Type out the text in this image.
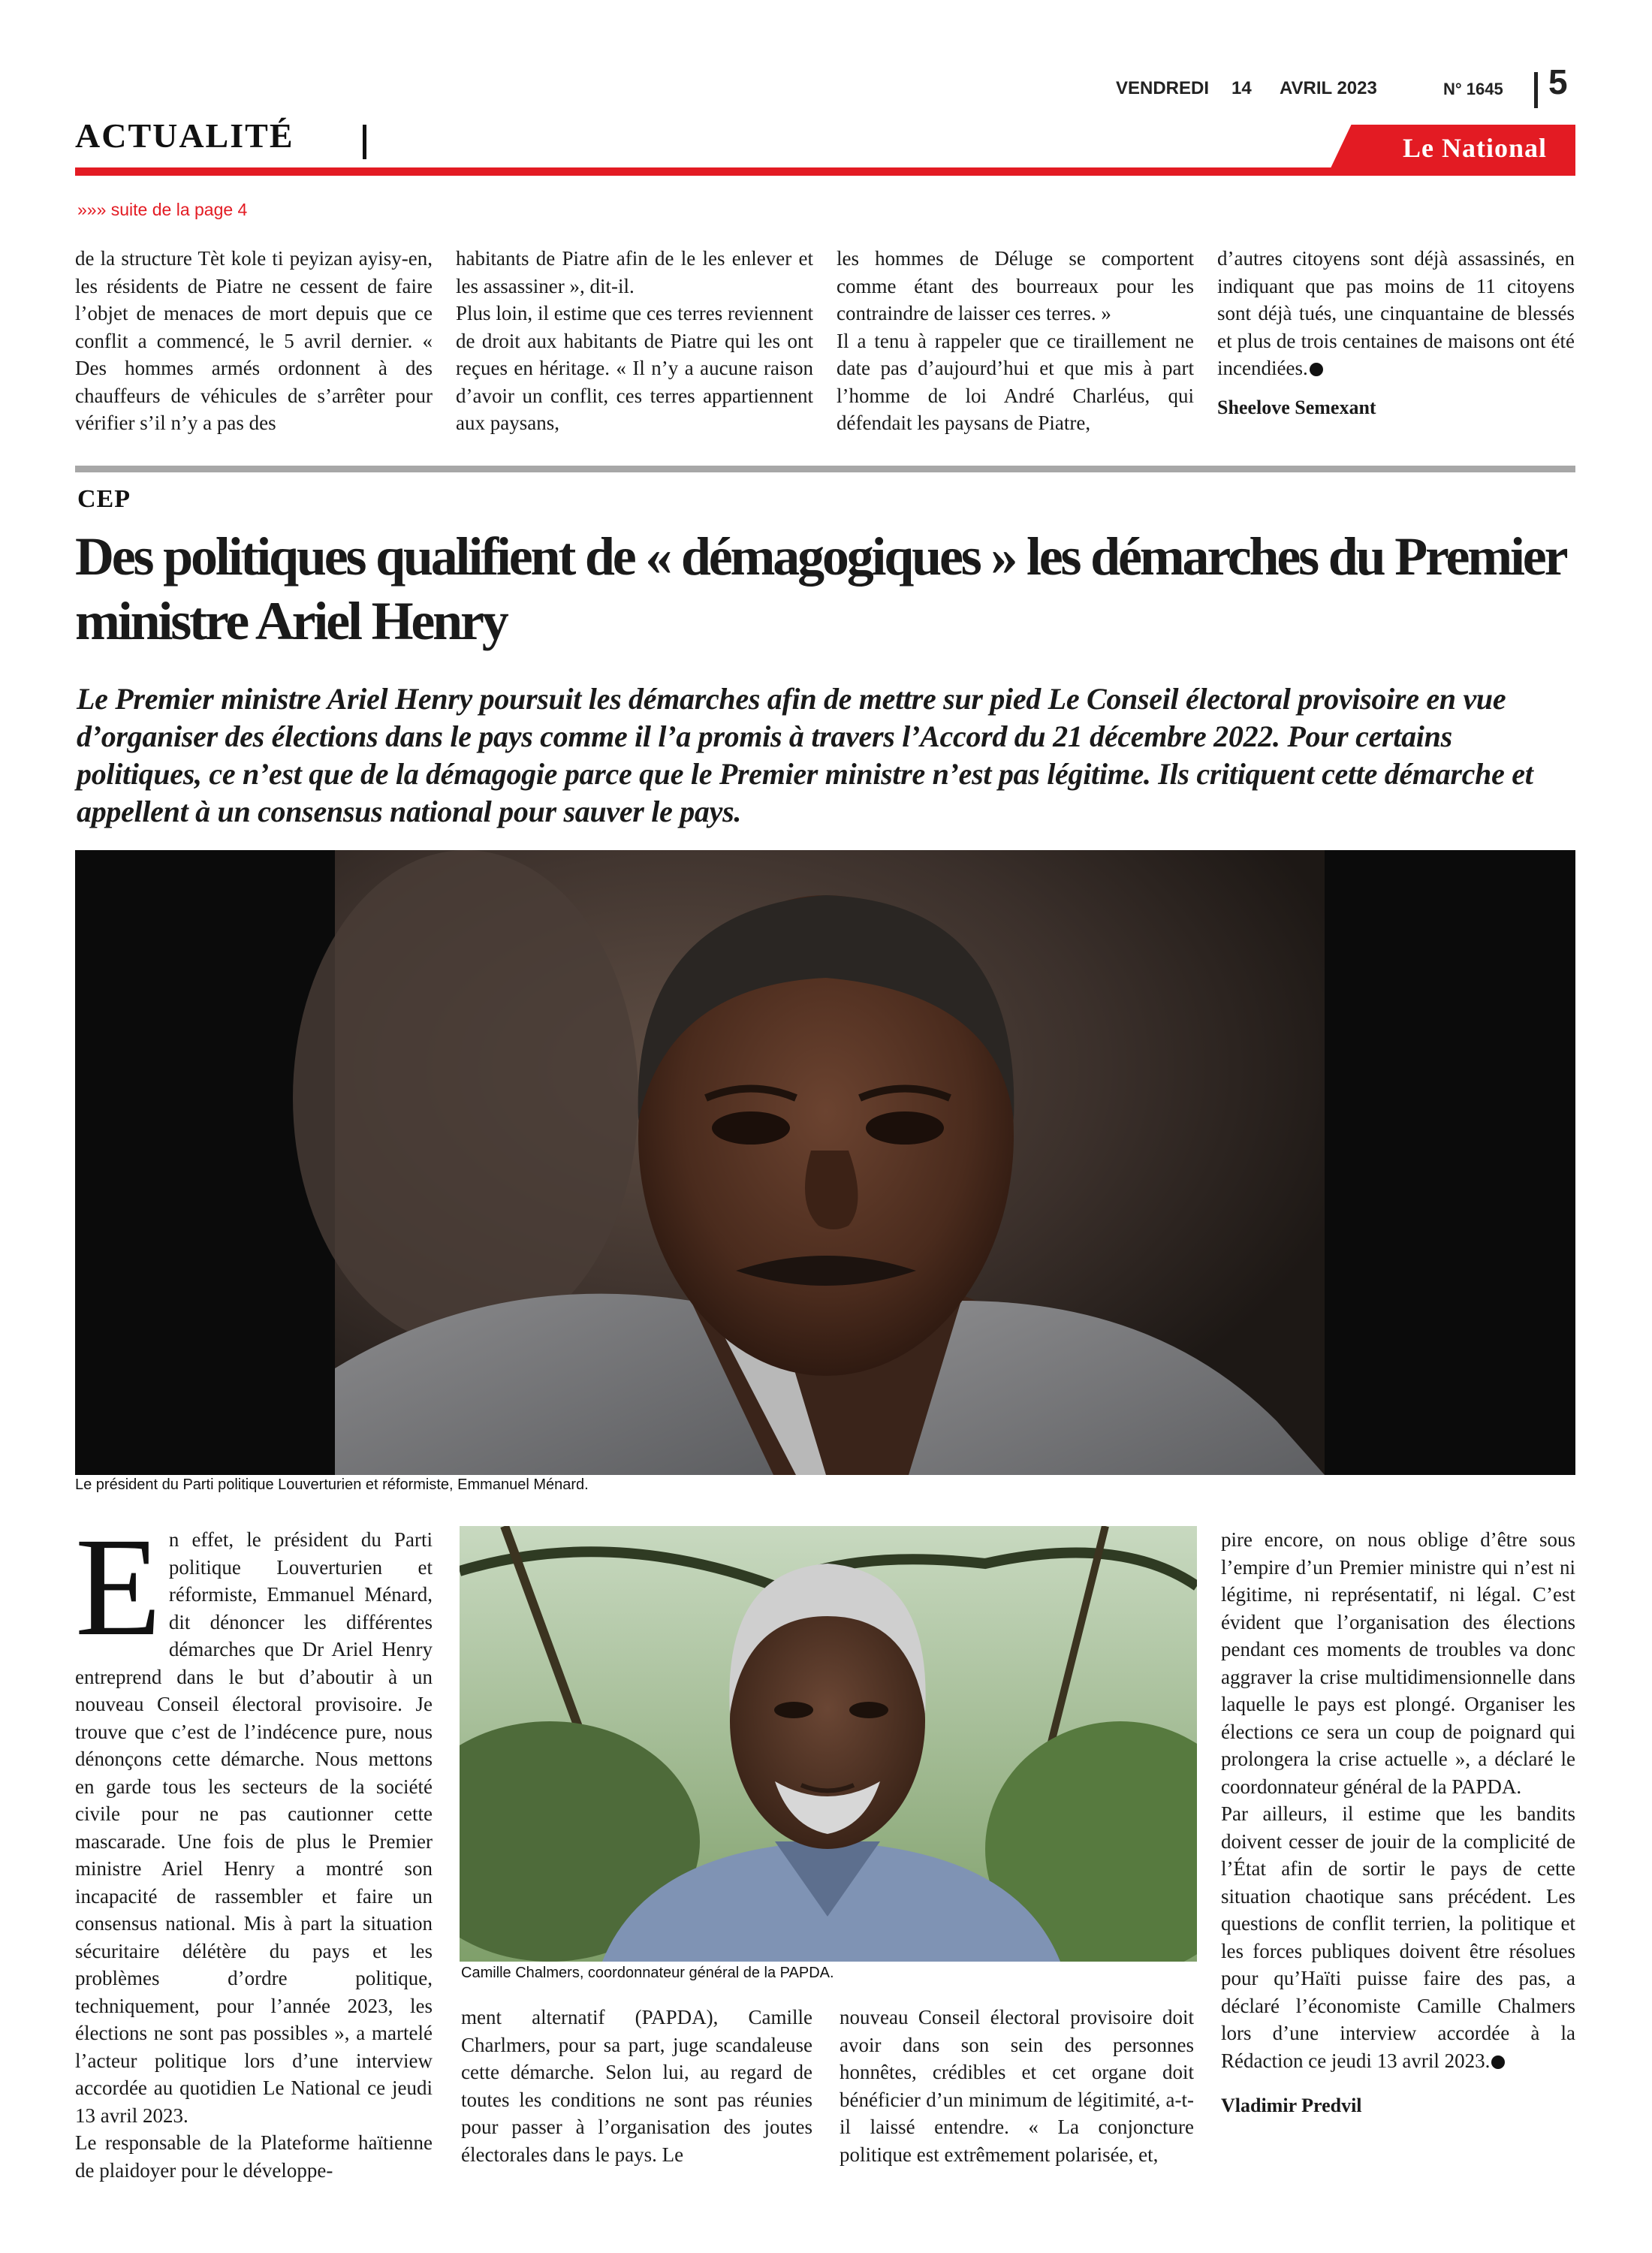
VENDREDI 14 AVRIL 2023	N° 1645 5
ACTUALITÉ	Le National
»»» suite de la page 4

de la structure Tèt kole ti peyizan ayisy-en, les résidents de Piatre ne cessent de faire l’objet de menaces de mort depuis que ce conflit a commencé, le 5 avril dernier. « Des hommes armés ordonnent à des chauffeurs de véhicules de s’arrêter pour vérifier s’il n’y a pas des

habitants de Piatre afin de le les enlever et les assassiner », dit-il.

Plus loin, il estime que ces terres reviennent de droit aux habitants de Piatre qui les ont reçues en héritage. « Il n’y a aucune raison d’avoir un conflit, ces terres appartiennent aux paysans,

les hommes de Déluge se comportent comme étant des bourreaux pour les contraindre de laisser ces terres. »

Il a tenu à rappeler que ce tiraillement ne date pas d’aujourd’hui et que mis à part l’homme de loi André Charléus, qui défendait les paysans de Piatre,

d’autres citoyens sont déjà assassinés, en indiquant que pas moins de 11 citoyens sont déjà tués, une cinquantaine de blessés et plus de trois centaines de maisons ont été incendiées.

Sheelove Semexant

CEP
Des politiques qualifient de « démagogiques » les démarches du Premier ministre Ariel Henry
Le Premier ministre Ariel Henry poursuit les démarches afin de mettre sur pied Le Conseil électoral provisoire en vue d’organiser des élections dans le pays comme il l’a promis à travers l’Accord du 21 décembre 2022. Pour certains politiques, ce n’est que de la démagogie parce que le Premier ministre n’est pas légitime. Ils critiquent cette démarche et appellent à un consensus national pour sauver le pays.
Le président du Parti politique Louverturien et réformiste, Emmanuel Ménard.

En effet, le président du Parti politique Louverturien et réformiste, Emmanuel Ménard, dit dénoncer les différentes démarches que Dr Ariel Henry entreprend dans le but d’aboutir à un nouveau Conseil électoral provisoire. Je trouve que c’est de l’indécence pure, nous dénonçons cette démarche. Nous mettons en garde tous les secteurs de la société civile pour ne pas cautionner cette mascarade. Une fois de plus le Premier ministre Ariel Henry a montré son incapacité de rassembler et faire un consensus national. Mis à part la situation sécuritaire délétère du pays et les problèmes d’ordre politique, techniquement, pour l’année 2023, les élections ne sont pas possibles », a martelé l’acteur politique lors d’une interview accordée au quotidien Le National ce jeudi 13 avril 2023.

Le responsable de la Plateforme haïtienne de plaidoyer pour le développe-

Camille Chalmers, coordonnateur général de la PAPDA.

ment alternatif (PAPDA), Camille Charlmers, pour sa part, juge scandaleuse cette démarche. Selon lui, au regard de toutes les conditions ne sont pas réunies pour passer à l’organisation des joutes électorales dans le pays. Le

nouveau Conseil électoral provisoire doit avoir dans son sein des personnes honnêtes, crédibles et cet organe doit bénéficier d’un minimum de légitimité, a-t-il laissé entendre. « La conjoncture politique est extrêmement polarisée, et,

pire encore, on nous oblige d’être sous l’empire d’un Premier ministre qui n’est ni légitime, ni représentatif, ni légal. C’est évident que l’organisation des élections pendant ces moments de troubles va donc aggraver la crise multidimensionnelle dans laquelle le pays est plongé. Organiser les élections ce sera un coup de poignard qui prolongera la crise actuelle », a déclaré le coordonnateur général de la PAPDA.

Par ailleurs, il estime que les bandits doivent cesser de jouir de la complicité de l’État afin de sortir le pays de cette situation chaotique sans précédent. Les questions de conflit terrien, la politique et les forces publiques doivent être résolues pour qu’Haïti puisse faire des pas, a déclaré l’économiste Camille Chalmers lors d’une interview accordée à la Rédaction ce jeudi 13 avril 2023.

Vladimir Predvil
